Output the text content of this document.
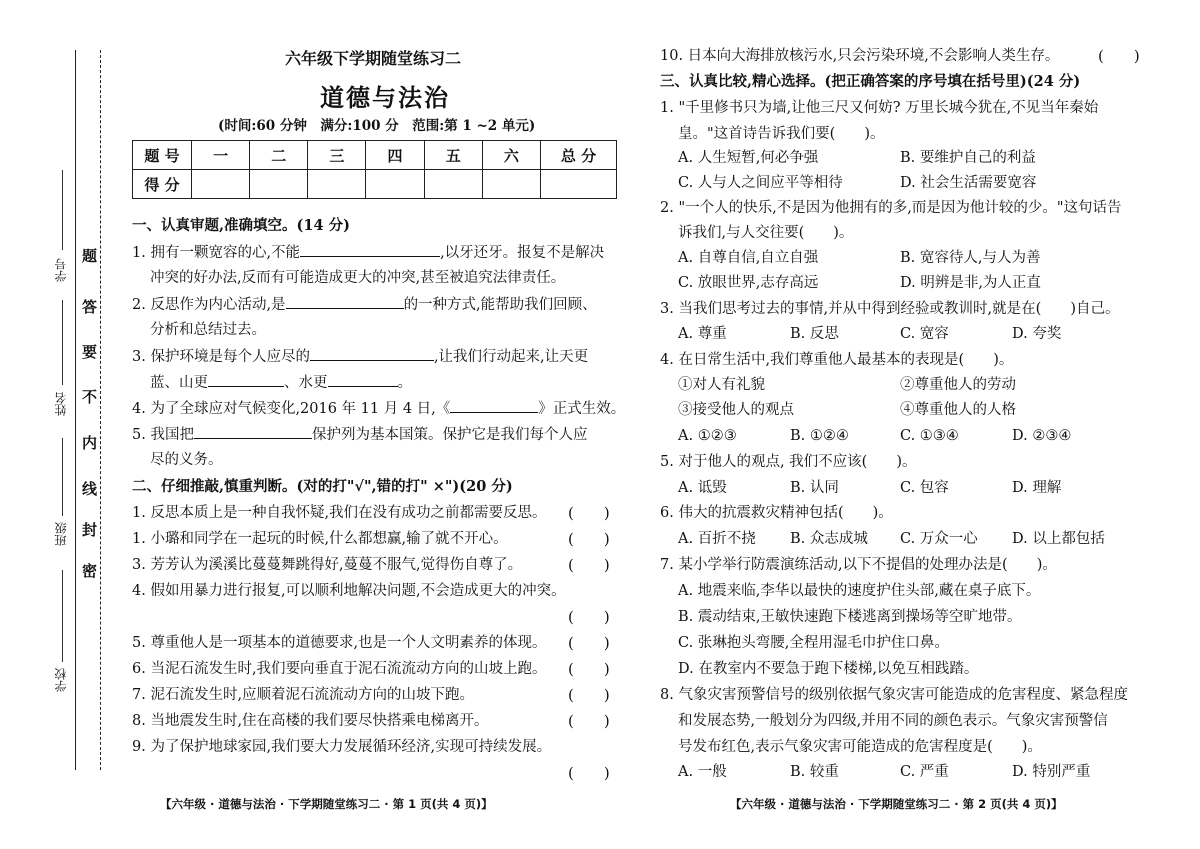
学号
姓名
班级
学校
题
答
要
不
内
线
封
密
六年级下学期随堂练习二
道德与法治
(时间:60 分钟　满分:100 分　范围:第 1 ~2 单元)
题 号	一	二	三	四	五	六	总 分
得 分							
一、认真审题,准确填空。(14 分)
1. 拥有一颗宽容的心,不能	,以牙还牙。报复不是解决
冲突的好办法,反而有可能造成更大的冲突,甚至被追究法律责任。
2. 反思作为内心活动,是	的一种方式,能帮助我们回顾、
分析和总结过去。
3. 保护环境是每个人应尽的	,让我们行动起来,让天更
蓝、山更	、水更	。
4. 为了全球应对气候变化,2016 年 11 月 4 日,《	》正式生效。
5. 我国把	保护列为基本国策。保护它是我们每个人应
尽的义务。
二、仔细推敲,慎重判断。(对的打"√",错的打" ×")(20 分)
1. 反思本质上是一种自我怀疑,我们在没有成功之前都需要反思。 (　　)
1. 小璐和同学在一起玩的时候,什么都想赢,输了就不开心。	(　　)
3. 芳芳认为溪溪比蔓蔓舞跳得好,蔓蔓不服气,觉得伤自尊了。	(　　)
4. 假如用暴力进行报复,可以顺利地解决问题,不会造成更大的冲突。
(　　)
5. 尊重他人是一项基本的道德要求,也是一个人文明素养的体现。 (　　)
6. 当泥石流发生时,我们要向垂直于泥石流流动方向的山坡上跑。 (　　)
7. 泥石流发生时,应顺着泥石流流动方向的山坡下跑。	(　　)
8. 当地震发生时,住在高楼的我们要尽快搭乘电梯离开。	(　　)
9. 为了保护地球家园,我们要大力发展循环经济,实现可持续发展。
(　　)
【六年级 · 道德与法治 · 下学期随堂练习二 · 第 1 页(共 4 页)】
10. 日本向大海排放核污水,只会污染环境,不会影响人类生存。	(　　)
三、认真比较,精心选择。(把正确答案的序号填在括号里)(24 分)
1. "千里修书只为墙,让他三尺又何妨? 万里长城今犹在,不见当年秦始
皇。"这首诗告诉我们要(　　)。
A. 人生短暂,何必争强	B. 要维护自己的利益
C. 人与人之间应平等相待	D. 社会生活需要宽容
2. "一个人的快乐,不是因为他拥有的多,而是因为他计较的少。"这句话告
诉我们,与人交往要(　　)。
A. 自尊自信,自立自强	B. 宽容待人,与人为善
C. 放眼世界,志存高远	D. 明辨是非,为人正直
3. 当我们思考过去的事情,并从中得到经验或教训时,就是在(　　)自己。
A. 尊重	B. 反思	C. 宽容	D. 夸奖
4. 在日常生活中,我们尊重他人最基本的表现是(　　)。
①对人有礼貌	②尊重他人的劳动
③接受他人的观点	④尊重他人的人格
A. ①②③	B. ①②④	C. ①③④	D. ②③④
5. 对于他人的观点, 我们不应该(　　)。
A. 诋毁	B. 认同	C. 包容	D. 理解
6. 伟大的抗震救灾精神包括(　　)。
A. 百折不挠 B. 众志成城 C. 万众一心 D. 以上都包括
7. 某小学举行防震演练活动,以下不提倡的处理办法是(　　)。
A. 地震来临,李华以最快的速度护住头部,藏在桌子底下。
B. 震动结束,王敏快速跑下楼逃离到操场等空旷地带。
C. 张琳抱头弯腰,全程用湿毛巾护住口鼻。
D. 在教室内不要急于跑下楼梯,以免互相践踏。
8. 气象灾害预警信号的级别依据气象灾害可能造成的危害程度、紧急程度
和发展态势,一般划分为四级,并用不同的颜色表示。气象灾害预警信
号发布红色,表示气象灾害可能造成的危害程度是(　　)。
A. 一般	B. 较重	C. 严重	D. 特别严重
【六年级 · 道德与法治 · 下学期随堂练习二 · 第 2 页(共 4 页)】
